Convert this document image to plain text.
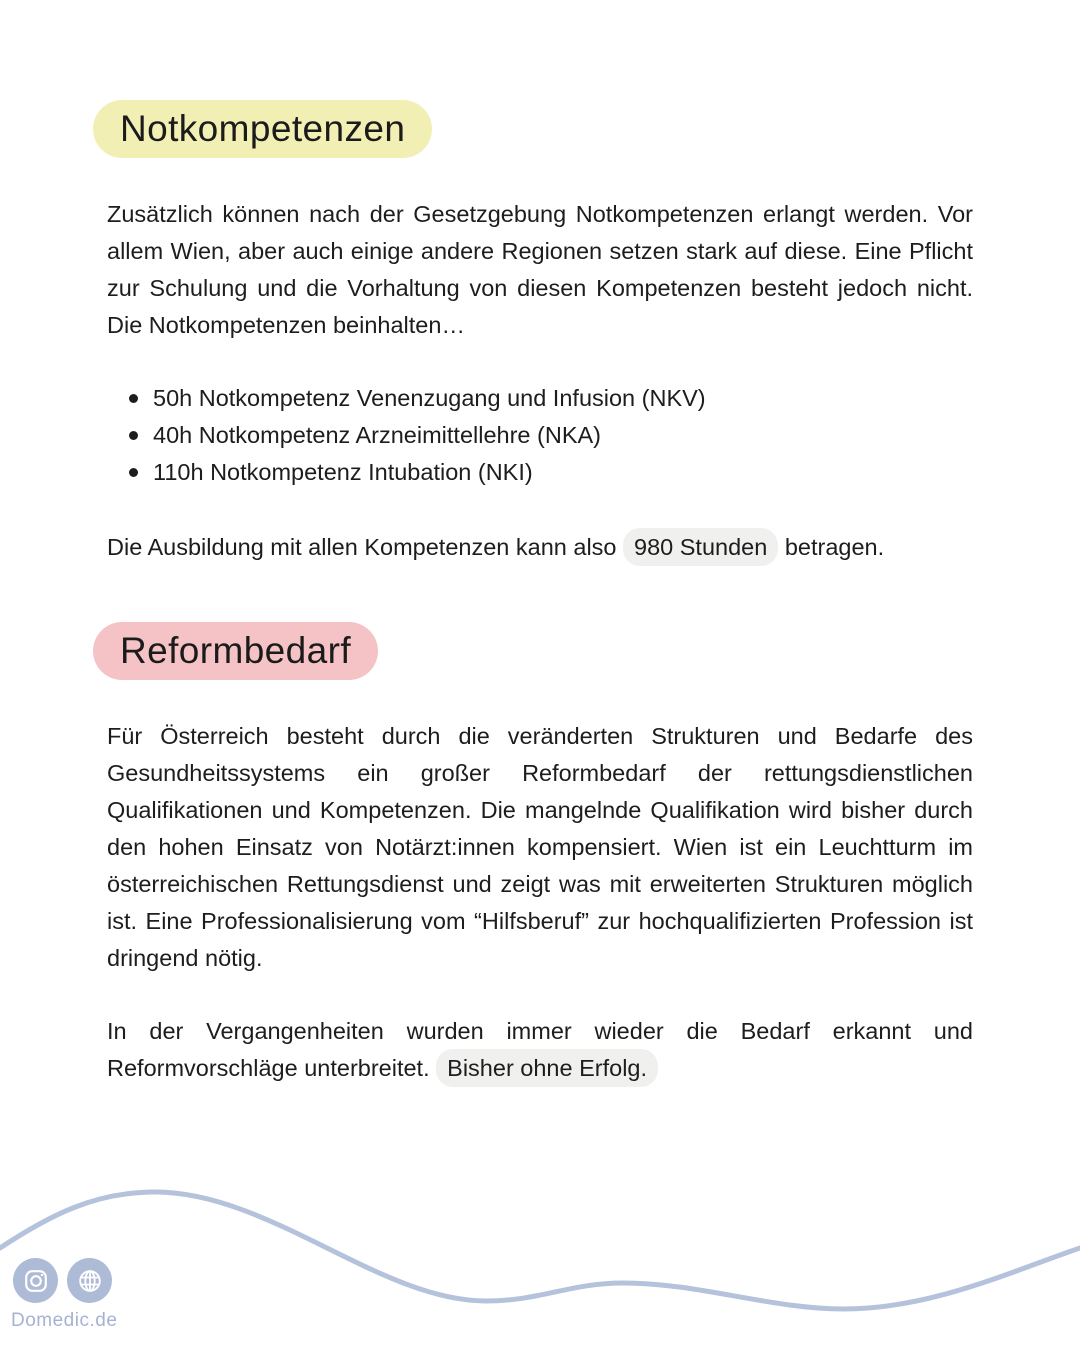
Notkompetenzen

Zusätzlich können nach der Gesetzgebung Notkompetenzen erlangt werden. Vor allem Wien, aber auch einige andere Regionen setzen stark auf diese. Eine Pflicht zur Schulung und die Vorhaltung von diesen Kompetenzen besteht jedoch nicht. Die Notkompetenzen beinhalten…

50h Notkompetenz Venenzugang und Infusion (NKV)
40h Notkompetenz Arzneimittellehre (NKA)
110h Notkompetenz Intubation (NKI)

Die Ausbildung mit allen Kompetenzen kann also 980 Stunden betragen.

Reformbedarf

Für Österreich besteht durch die veränderten Strukturen und Bedarfe des Gesundheitssystems ein großer Reformbedarf der rettungsdienstlichen Qualifikationen und Kompetenzen. Die mangelnde Qualifikation wird bisher durch den hohen Einsatz von Notärzt:innen kompensiert. Wien ist ein Leuchtturm im österreichischen Rettungsdienst und zeigt was mit erweiterten Strukturen möglich ist. Eine Professionalisierung vom “Hilfsberuf” zur hochqualifizierten Profession ist dringend nötig.

In der Vergangenheiten wurden immer wieder die Bedarf erkannt und Reformvorschläge unterbreitet. Bisher ohne Erfolg.

Domedic.de
